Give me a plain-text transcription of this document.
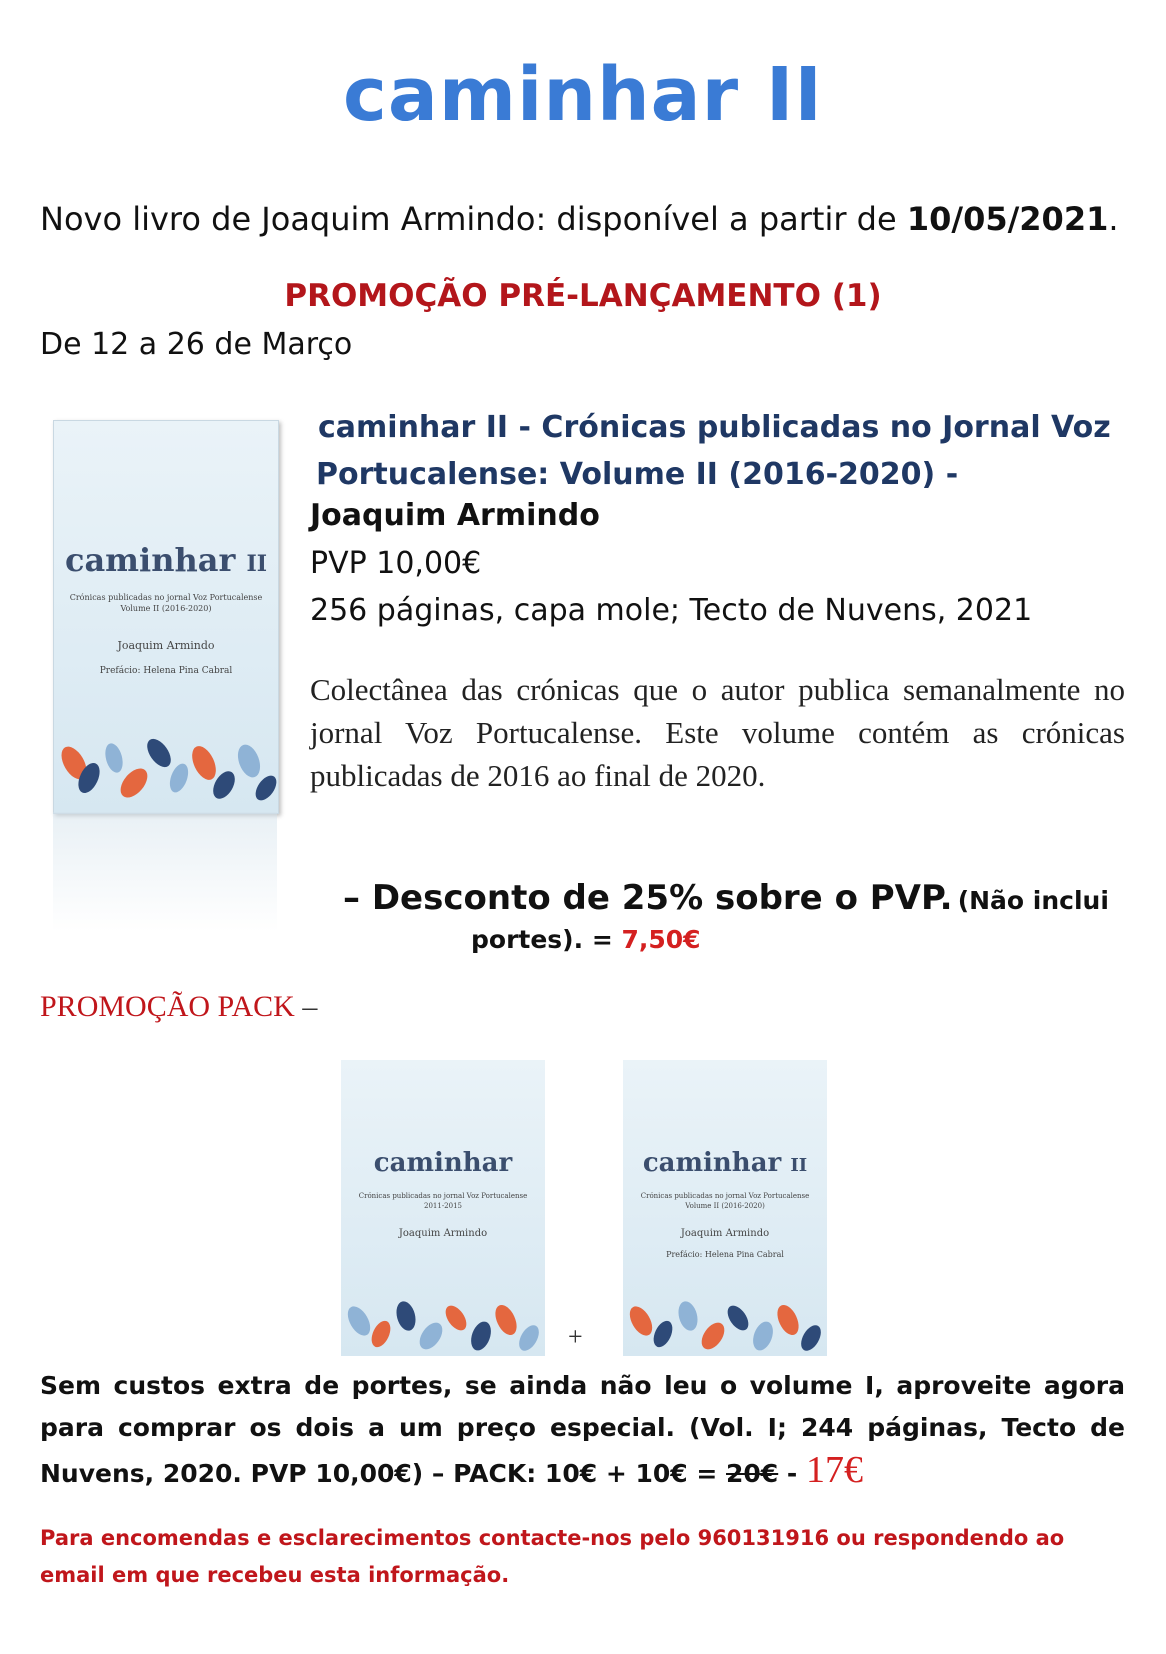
caminhar II
Novo livro de Joaquim Armindo: disponível a partir de 10/05/2021.
PROMOÇÃO PRÉ-LANÇAMENTO (1)
De 12 a 26 de Março
caminhar II
Crónicas publicadas no jornal Voz Portucalense
Volume II (2016-2020)
Joaquim Armindo
Prefácio: Helena Pina Cabral
caminhar II - Crónicas publicadas no Jornal Voz
Portucalense: Volume II (2016-2020) -
Joaquim Armindo
PVP 10,00€
256 páginas, capa mole; Tecto de Nuvens, 2021
Colectânea das crónicas que o autor publica semanalmente no jornal Voz Portucalense. Este volume contém as crónicas publicadas de 2016 ao final de 2020.
– Desconto de 25% sobre o PVP. (Não inclui
portes). = 7,50€
PROMOÇÃO PACK –
caminhar
Crónicas publicadas no jornal Voz Portucalense
2011-2015
Joaquim Armindo
+
caminhar II
Crónicas publicadas no jornal Voz Portucalense
Volume II (2016-2020)
Joaquim Armindo
Prefácio: Helena Pina Cabral
Sem custos extra de portes, se ainda não leu o volume I, aproveite agora para comprar os dois a um preço especial. (Vol. I; 244 páginas, Tecto de Nuvens, 2020. PVP 10,00€) – PACK: 10€ + 10€ = 20€ - 17€
Para encomendas e esclarecimentos contacte-nos pelo 960131916 ou respondendo ao email em que recebeu esta informação.
